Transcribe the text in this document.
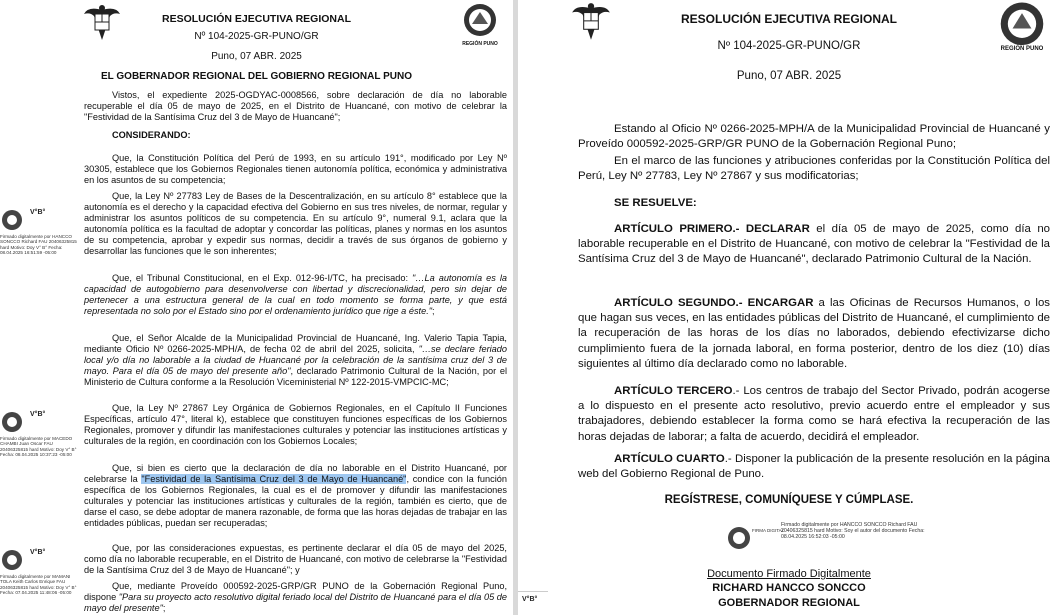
REGIÓN PUNO
RESOLUCIÓN EJECUTIVA REGIONAL
Nº 104-2025-GR-PUNO/GR
Puno, 07 ABR. 2025
EL GOBERNADOR REGIONAL DEL GOBIERNO REGIONAL PUNO

Vistos, el expediente 2025-OGDYAC-0008566, sobre declaración de día no laborable recuperable el día 05 de mayo de 2025, en el Distrito de Huancané, con motivo de celebrar la "Festividad de la Santísima Cruz del 3 de Mayo de Huancané";

CONSIDERANDO:

Que, la Constitución Política del Perú de 1993, en su artículo 191°, modificado por Ley Nº 30305, establece que los Gobiernos Regionales tienen autonomía política, económica y administrativa en los asuntos de su competencia;

Que, la Ley Nº 27783 Ley de Bases de la Descentralización, en su artículo 8° establece que la autonomía es el derecho y la capacidad efectiva del Gobierno en sus tres niveles, de normar, regular y administrar los asuntos políticos de su competencia. En su artículo 9°, numeral 9.1, aclara que la autonomía política es la facultad de adoptar y concordar las políticas, planes y normas en los asuntos de su competencia, aprobar y expedir sus normas, decidir a través de sus órganos de gobierno y desarrollar las funciones que le son inherentes;

Que, el Tribunal Constitucional, en el Exp. 012-96-I/TC, ha precisado: "…La autonomía es la capacidad de autogobierno para desenvolverse con libertad y discrecionalidad, pero sin dejar de pertenecer a una estructura general de la cual en todo momento se forma parte, y que está representada no solo por el Estado sino por el ordenamiento jurídico que rige a éste.";

Que, el Señor Alcalde de la Municipalidad Provincial de Huancané, Ing. Valerio Tapia Tapia, mediante Oficio Nº 0266-2025-MPH/A, de fecha 02 de abril del 2025, solicita, "…se declare feriado local y/o día no laborable a la ciudad de Huancané por la celebración de la santísima cruz del 3 de mayo. Para el día 05 de mayo del presente año", declarado Patrimonio Cultural de la Nación, por el Ministerio de Cultura conforme a la Resolución Viceministerial Nº 122-2015-VMPCIC-MC;

Que, la Ley Nº 27867 Ley Orgánica de Gobiernos Regionales, en el Capítulo II Funciones Específicas, artículo 47°, literal k), establece que constituyen funciones específicas de los Gobiernos Regionales, promover y difundir las manifestaciones culturales y potenciar las instituciones artísticas y culturales de la región, en coordinación con los Gobiernos Locales;

Que, si bien es cierto que la declaración de día no laborable en el Distrito Huancané, por celebrarse la "Festividad de la Santísima Cruz del 3 de Mayo de Huancané", condice con la función específica de los Gobiernos Regionales, la cual es el de promover y difundir las manifestaciones culturales y potenciar las instituciones artísticas y culturales de la región, también es cierto, que de darse el caso, se debe adoptar de manera razonable, de forma que las horas dejadas de trabajar en las entidades públicas, puedan ser recuperadas;

Que, por las consideraciones expuestas, es pertinente declarar el día 05 de mayo del 2025, como día no laborable recuperable, en el Distrito de Huancané, con motivo de celebrarse la "Festividad de la Santísima Cruz del 3 de Mayo de Huancané"; y

Que, mediante Proveído 000592-2025-GRP/GR PUNO de la Gobernación Regional Puno, dispone "Para su proyecto acto resolutivo digital feriado local del Distrito de Huancané para el día 05 de mayo del presente";

V°B°
Firmado digitalmente por HANCCO SONCCO Richard FAU 20406325815 hard Motivo: Doy V° B° Fecha: 08.04.2025 16:51:59 -05:00
V°B°
Firmado digitalmente por MACEDO CHAMBI Juan Oscar FAU 20406325815 hard Motivo: Doy V° B° Fecha: 08.04.2025 10:37:23 -05:00
V°B°
Firmado digitalmente por MAMANI TOLA Keith Carlos Enrique FAU 20406325815 hard Motivo: Doy V° B° Fecha: 07.04.2025 11:48:06 -05:00
REGIÓN PUNO
RESOLUCIÓN EJECUTIVA REGIONAL
Nº 104-2025-GR-PUNO/GR
Puno, 07 ABR. 2025

Estando al Oficio Nº 0266-2025-MPH/A de la Municipalidad Provincial de Huancané y Proveído 000592-2025-GRP/GR PUNO de la Gobernación Regional Puno;

En el marco de las funciones y atribuciones conferidas por la Constitución Política del Perú, Ley Nº 27783, Ley Nº 27867 y sus modificatorias;

SE RESUELVE:

ARTÍCULO PRIMERO.- DECLARAR el día 05 de mayo de 2025, como día no laborable recuperable en el Distrito de Huancané, con motivo de celebrar la "Festividad de la Santísima Cruz del 3 de Mayo de Huancané", declarado Patrimonio Cultural de la Nación.

ARTÍCULO SEGUNDO.- ENCARGAR a las Oficinas de Recursos Humanos, o los que hagan sus veces, en las entidades públicas del Distrito de Huancané, el cumplimiento de la recuperación de las horas de los días no laborados, debiendo efectivizarse dicho cumplimiento fuera de la jornada laboral, en forma posterior, dentro de los diez (10) días siguientes al último día declarado como no laborable.

ARTÍCULO TERCERO.- Los centros de trabajo del Sector Privado, podrán acogerse a lo dispuesto en el presente acto resolutivo, previo acuerdo entre el empleador y sus trabajadores, debiendo establecer la forma como se hará efectiva la recuperación de las horas dejadas de laborar; a falta de acuerdo, decidirá el empleador.

ARTÍCULO CUARTO.- Disponer la publicación de la presente resolución en la página web del Gobierno Regional de Puno.

REGÍSTRESE, COMUNÍQUESE Y CÚMPLASE.
FIRMA DIGITAL
Firmado digitalmente por HANCCO SONCCO Richard FAU 20406325815 hard Motivo: Soy el autor del documento Fecha: 08.04.2025 16:52:03 -05:00
Documento Firmado Digitalmente
RICHARD HANCCO SONCCO
GOBERNADOR REGIONAL
V°B°
